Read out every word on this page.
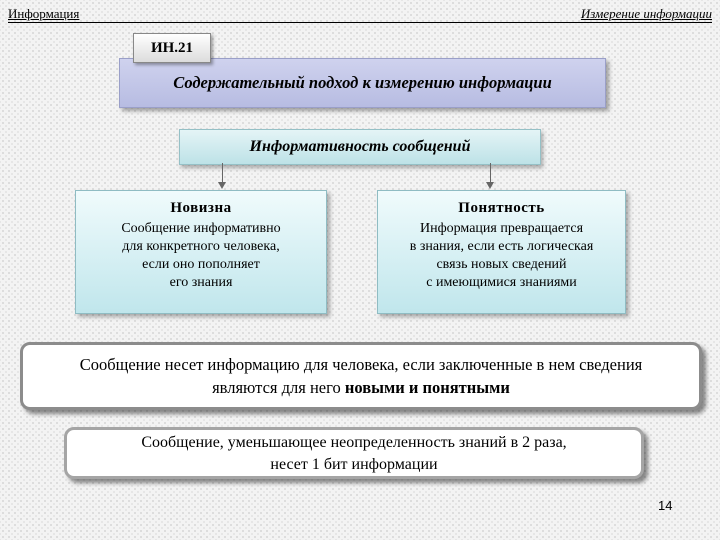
Информация	Измерение информации
ИН.21
Содержательный подход к измерению информации
Информативность сообщений
Новизна
Сообщение информативно
для конкретного человека,
если оно пополняет
его знания
Понятность
Информация превращается
в знания, если есть логическая
связь новых сведений
с имеющимися знаниями
Сообщение несет информацию для человека, если заключенные в нем сведения
являются для него новыми и понятными
Сообщение, уменьшающее неопределенность знаний в 2 раза,
несет 1 бит информации
14
